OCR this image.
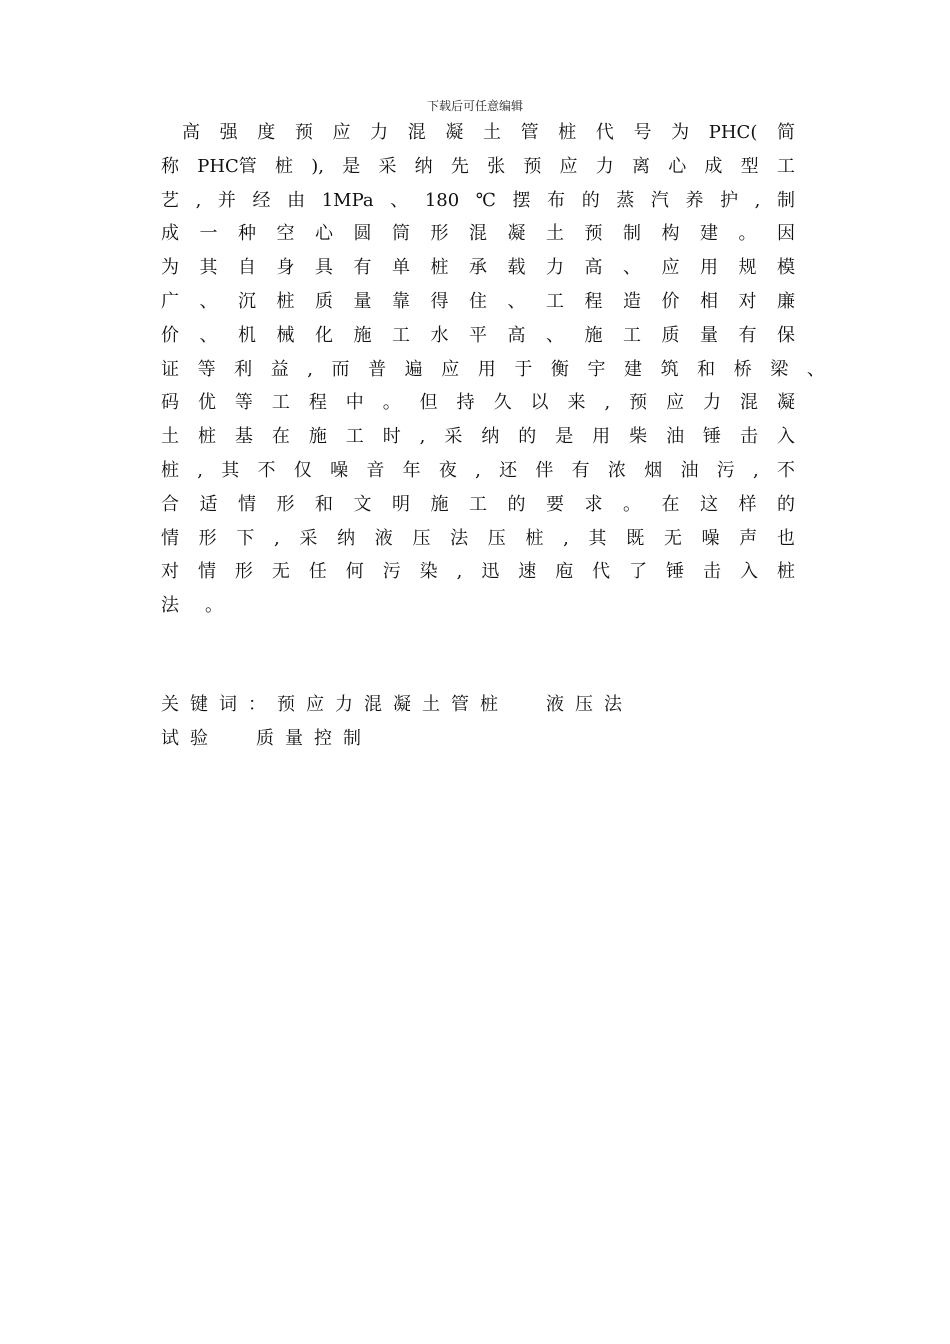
下载后可任意编辑
高 强 度 预 应 力 混 凝 土 管 桩 代 号 为 PHC( 简
称 PHC管 桩 ), 是 采 纳 先 张 预 应 力 离 心 成 型 工
艺 , 并 经 由 1MPa 、 180 ℃ 摆 布 的 蒸 汽 养 护 , 制
成 一 种 空 心 圆 筒 形 混 凝 土 预 制 构 建 。 因
为 其 自 身 具 有 单 桩 承 载 力 高 、 应 用 规 模
广 、 沉 桩 质 量 靠 得 住 、 工 程 造 价 相 对 廉
价 、 机 械 化 施 工 水 平 高 、 施 工 质 量 有 保
证 等 利 益 , 而 普 遍 应 用 于 衡 宇 建 筑 和 桥 梁 、
码 优 等 工 程 中 。 但 持 久 以 来 , 预 应 力 混 凝
土 桩 基 在 施 工 时 , 采 纳 的 是 用 柴 油 锤 击 入
桩 , 其 不 仅 噪 音 年 夜 , 还 伴 有 浓 烟 油 污 , 不
合 适 情 形 和 文 明 施 工 的 要 求 。 在 这 样 的
情 形 下 , 采 纳 液 压 法 压 桩 , 其 既 无 噪 声 也
对 情 形 无 任 何 污 染 , 迅 速 庖 代 了 锤 击 入 桩
法 。
关 键 词 ： 预 应 力 混 凝 土 管 桩　	液 压 法
试 验　	质 量 控 制
